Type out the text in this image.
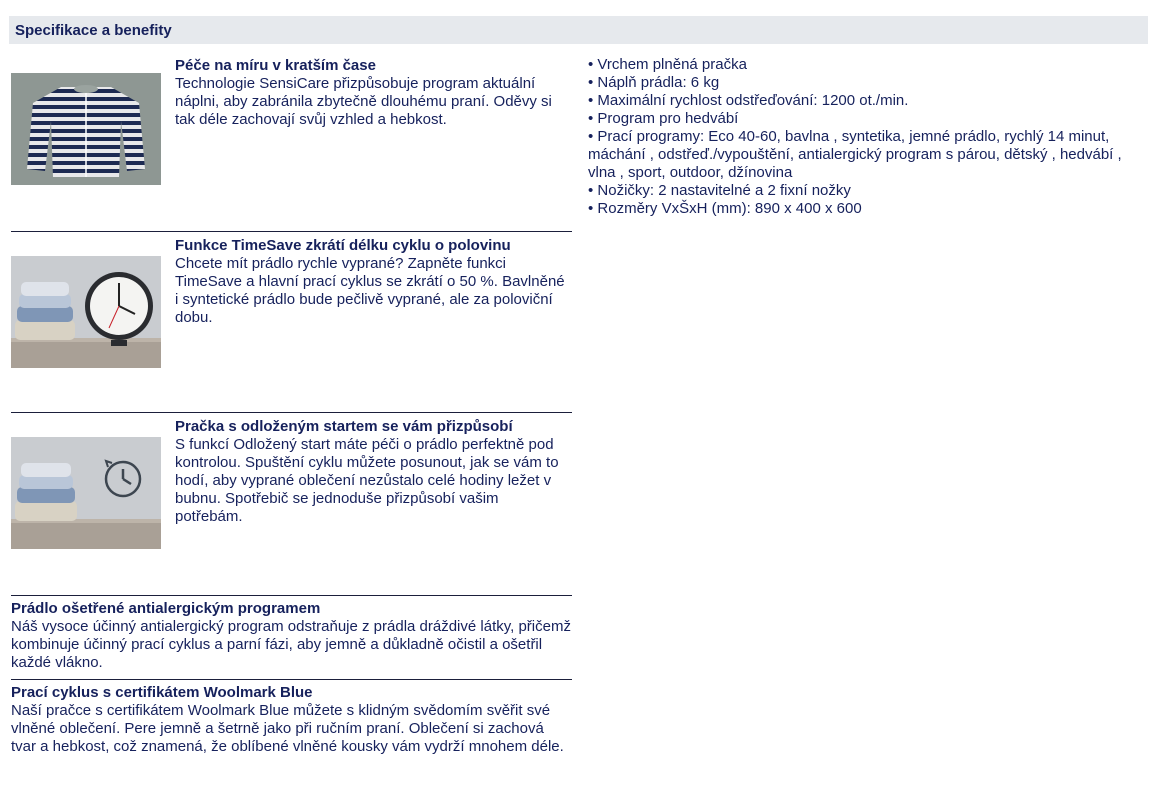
Specifikace a benefity
Péče na míru v kratším čase
Technologie SensiCare přizpůsobuje program aktuální náplni, aby zabránila zbytečně dlouhému praní. Oděvy si tak déle zachovají svůj vzhled a hebkost.
Funkce TimeSave zkrátí délku cyklu o polovinu
Chcete mít prádlo rychle vyprané? Zapněte funkci TimeSave a hlavní prací cyklus se zkrátí o 50 %. Bavlněné i syntetické prádlo bude pečlivě vyprané, ale za poloviční dobu.
Pračka s odloženým startem se vám přizpůsobí
S funkcí Odložený start máte péči o prádlo perfektně pod kontrolou. Spuštění cyklu můžete posunout, jak se vám to hodí, aby vyprané oblečení nezůstalo celé hodiny ležet v bubnu. Spotřebič se jednoduše přizpůsobí vašim potřebám.
Prádlo ošetřené antialergickým programem
Náš vysoce účinný antialergický program odstraňuje z prádla dráždivé látky, přičemž kombinuje účinný prací cyklus a parní fázi, aby jemně a důkladně očistil a ošetřil každé vlákno.
Prací cyklus s certifikátem Woolmark Blue
Naší pračce s certifikátem Woolmark Blue můžete s klidným svědomím svěřit své vlněné oblečení. Pere jemně a šetrně jako při ručním praní. Oblečení si zachová tvar a hebkost, což znamená, že oblíbené vlněné kousky vám vydrží mnohem déle.
• Vrchem plněná pračka
• Náplň prádla: 6 kg
• Maximální rychlost odstřeďování: 1200 ot./min.
• Program pro hedvábí
• Prací programy: Eco 40-60, bavlna , syntetika, jemné prádlo, rychlý 14 minut, máchání , odstřeď./vypouštění, antialergický program s párou, dětský , hedvábí , vlna , sport, outdoor, džínovina
• Nožičky: 2 nastavitelné a 2 fixní nožky
• Rozměry VxŠxH (mm): 890 x 400 x 600
